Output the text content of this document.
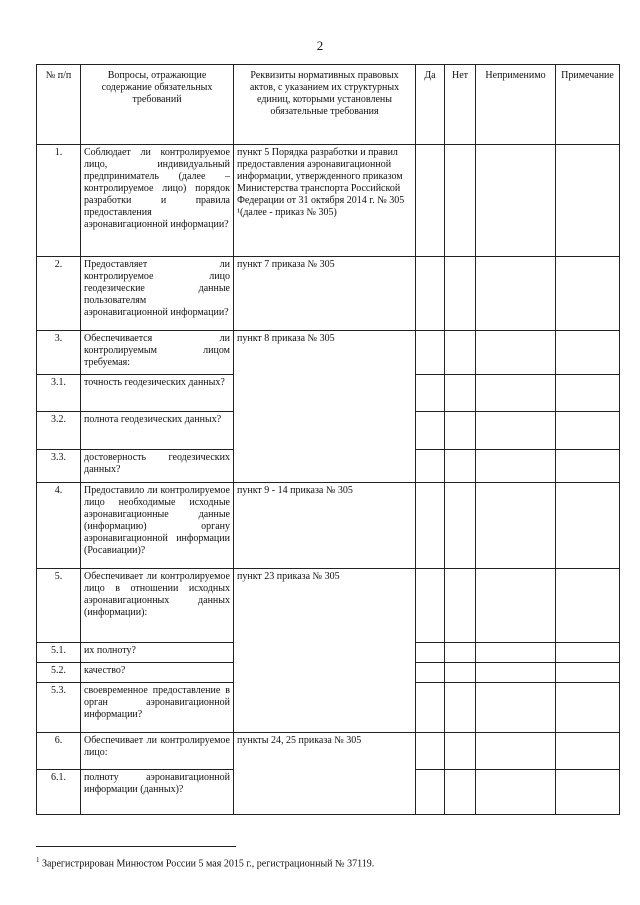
2
№ п/п	Вопросы, отражающие содержание обязательных требований	Реквизиты нормативных правовых актов, с указанием их структурных единиц, которыми установлены обязательные требования	Да	Нет	Неприменимо	Примечание
1.	Соблюдает ли контролируемое лицо, индивидуальный предприниматель (далее – контролируемое лицо) порядок разработки и правила предоставления аэронавигационной информации?	пункт 5 Порядка разработки и правил предоставления аэронавигационной информации, утвержденного приказом Министерства транспорта Российской Федерации от 31 октября 2014 г. № 305 ¹(далее - приказ № 305)				
2.	Предоставляет ли контролируемое лицо геодезические данные пользователям аэронавигационной информации?	пункт 7 приказа № 305				
3.	Обеспечивается ли контролируемым лицом требуемая:	пункт 8 приказа № 305				
3.1.	точность геодезических данных?					
3.2.	полнота геодезических данных?					
3.3.	достоверность геодезических данных?					
4.	Предоставило ли контролируемое лицо необходимые исходные аэронавигационные данные (информацию) органу аэронавигационной информации (Росавиации)?	пункт 9 - 14 приказа № 305				
5.	Обеспечивает ли контролируемое лицо в отношении исходных аэронавигационных данных (информации):	пункт 23 приказа № 305				
5.1.	их полноту?					
5.2.	качество?					
5.3.	своевременное предоставление в орган аэронавигационной информации?					
6.	Обеспечивает ли контролируемое лицо:	пункты 24, 25 приказа № 305				
6.1.	полноту аэронавигационной информации (данных)?					
$^1$ Зарегистрирован Минюстом России 5 мая 2015 г., регистрационный № 37119.
